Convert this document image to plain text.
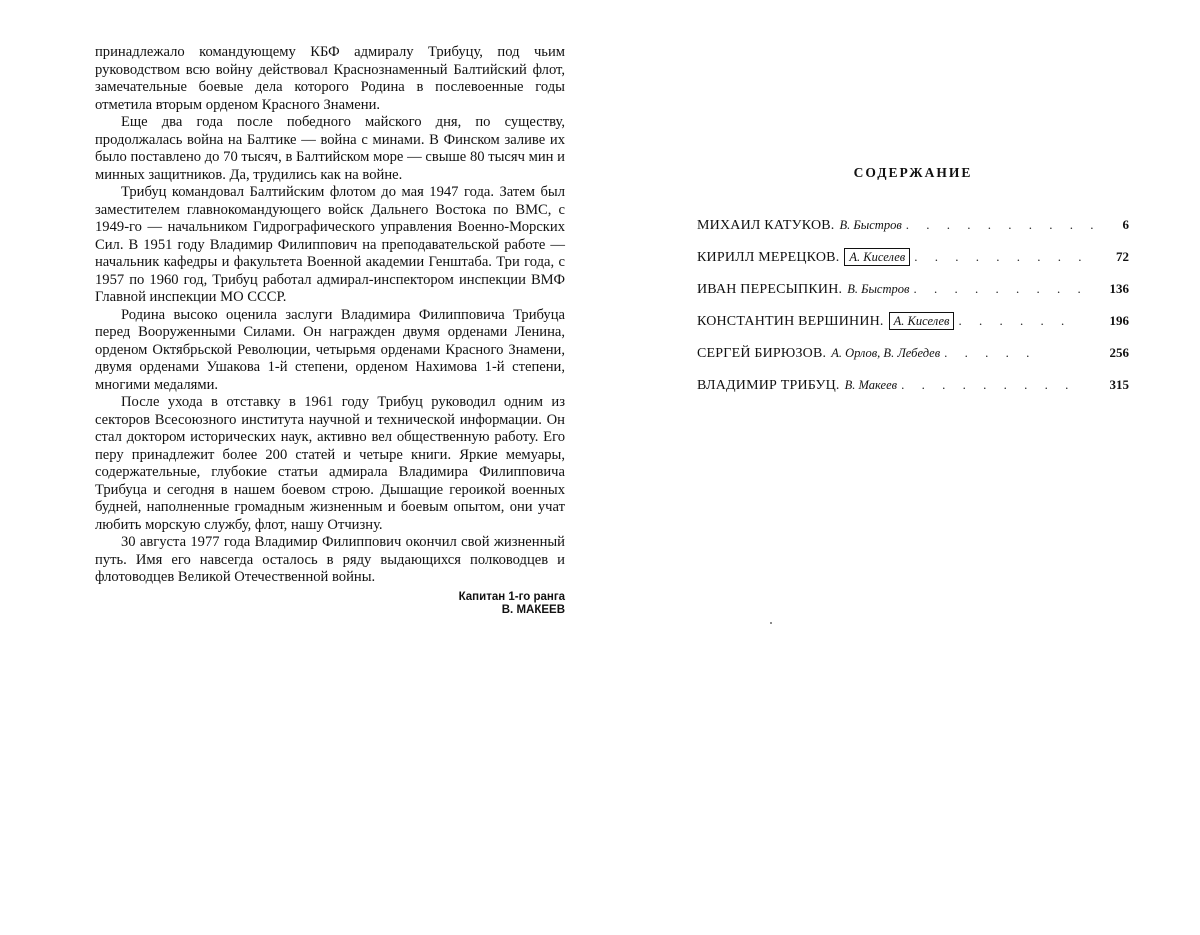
принадлежало командующему КБФ адмиралу Трибуцу, под чьим руководством всю войну действовал Краснознаменный Балтийский флот, замечательные боевые дела которого Родина в послевоенные годы отметила вторым орденом Красного Знамени.

Еще два года после победного майского дня, по существу, продолжалась война на Балтике — война с минами. В Финском заливе их было поставлено до 70 тысяч, в Балтийском море — свыше 80 тысяч мин и минных защитников. Да, трудились как на войне.

Трибуц командовал Балтийским флотом до мая 1947 года. Затем был заместителем главнокомандующего войск Дальнего Востока по ВМС, с 1949-го — начальником Гидрографического управления Военно-Морских Сил. В 1951 году Владимир Филиппович на преподавательской работе — начальник кафедры и факультета Военной академии Генштаба. Три года, с 1957 по 1960 год, Трибуц работал адмирал-инспектором инспекции ВМФ Главной инспекции МО СССР.

Родина высоко оценила заслуги Владимира Филипповича Трибуца перед Вооруженными Силами. Он награжден двумя орденами Ленина, орденом Октябрьской Революции, четырьмя орденами Красного Знамени, двумя орденами Ушакова 1-й степени, орденом Нахимова 1-й степени, многими медалями.

После ухода в отставку в 1961 году Трибуц руководил одним из секторов Всесоюзного института научной и технической информации. Он стал доктором исторических наук, активно вел общественную работу. Его перу принадлежит более 200 статей и четыре книги. Яркие мемуары, содержательные, глубокие статьи адмирала Владимира Филипповича Трибуца и сегодня в нашем боевом строю. Дышащие героикой военных будней, наполненные громадным жизненным и боевым опытом, они учат любить морскую службу, флот, нашу Отчизну.

30 августа 1977 года Владимир Филиппович окончил свой жизненный путь. Имя его навсегда осталось в ряду выдающихся полководцев и флотоводцев Великой Отечественной войны.

Капитан 1-го ранга
В. МАКЕЕВ
СОДЕРЖАНИЕ
МИХАИЛ КАТУКОВ. В. Быстров . . . . . . . . . .	6
КИРИЛЛ МЕРЕЦКОВ. А. Киселев . . . . . . . . .	72
ИВАН ПЕРЕСЫПКИН. В. Быстров . . . . . . . . .	136
КОНСТАНТИН ВЕРШИНИН. А. Киселев . . . . . .	196
СЕРГЕЙ БИРЮЗОВ. А. Орлов, В. Лебедев . . . . .	256
ВЛАДИМИР ТРИБУЦ. В. Макеев . . . . . . . . .	315
